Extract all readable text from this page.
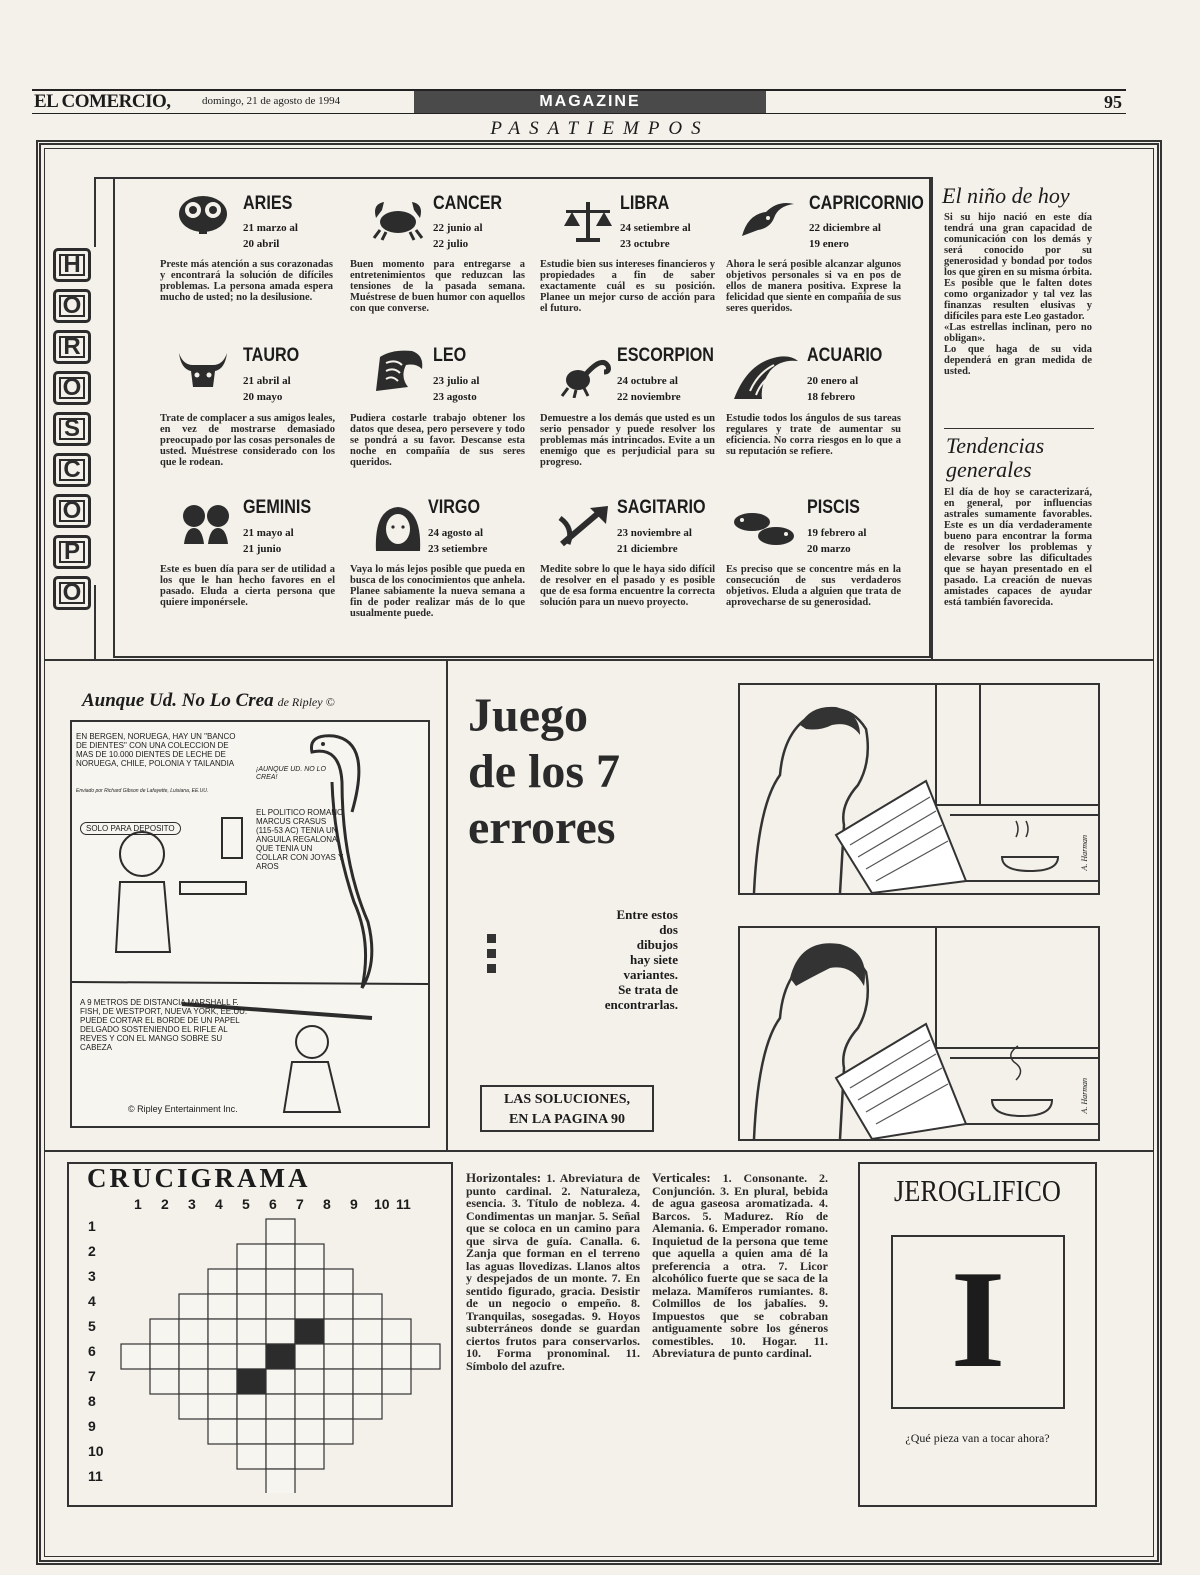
EL COMERCIO,	domingo, 21 de agosto de 1994	MAGAZINE	95
PASATIEMPOS
H
O
R
O
S
C
O
P
O
ARIES
21 marzo al
20 abril
Preste más atención a sus corazonadas y encontrará la solución de difíciles problemas. La persona amada espera mucho de usted; no la desilusione.
CANCER
22 junio al
22 julio
Buen momento para entregarse a entretenimientos que reduzcan las tensiones de la pasada semana. Muéstrese de buen humor con aquellos con que converse.
LIBRA
24 setiembre al
23 octubre
Estudie bien sus intereses financieros y propiedades a fin de saber exactamente cuál es su posición. Planee un mejor curso de acción para el futuro.
CAPRICORNIO
22 diciembre al
19 enero
Ahora le será posible alcanzar algunos objetivos personales si va en pos de ellos de manera positiva. Exprese la felicidad que siente en compañía de sus seres queridos.
TAURO
21 abril al
20 mayo
Trate de complacer a sus amigos leales, en vez de mostrarse demasiado preocupado por las cosas personales de usted. Muéstrese considerado con los que le rodean.
LEO
23 julio al
23 agosto
Pudiera costarle trabajo obtener los datos que desea, pero persevere y todo se pondrá a su favor. Descanse esta noche en compañía de sus seres queridos.
ESCORPION
24 octubre al
22 noviembre
Demuestre a los demás que usted es un serio pensador y puede resolver los problemas más intrincados. Evite a un enemigo que es perjudicial para su progreso.
ACUARIO
20 enero al
18 febrero
Estudie todos los ángulos de sus tareas regulares y trate de aumentar su eficiencia. No corra riesgos en lo que a su reputación se refiere.
GEMINIS
21 mayo al
21 junio
Este es buen día para ser de utilidad a los que le han hecho favores en el pasado. Eluda a cierta persona que quiere imponérsele.
VIRGO
24 agosto al
23 setiembre
Vaya lo más lejos posible que pueda en busca de los conocimientos que anhela. Planee sabiamente la nueva semana a fin de poder realizar más de lo que usualmente puede.
SAGITARIO
23 noviembre al
21 diciembre
Medite sobre lo que le haya sido difícil de resolver en el pasado y es posible que de esa forma encuentre la correcta solución para un nuevo proyecto.
PISCIS
19 febrero al
20 marzo
Es preciso que se concentre más en la consecución de sus verdaderos objetivos. Eluda a alguien que trata de aprovecharse de su generosidad.
El niño de hoy
Si su hijo nació en este día tendrá una gran capacidad de comunicación con los demás y será conocido por su generosidad y bondad por todos los que giren en su misma órbita. Es posible que le falten dotes como organizador y tal vez las finanzas resulten elusivas y difíciles para este Leo gastador.
«Las estrellas inclinan, pero no obligan».
Lo que haga de su vida dependerá en gran medida de usted.
Tendencias
generales
El día de hoy se caracterizará, en general, por influencias astrales sumamente favorables. Este es un día verdaderamente bueno para encontrar la forma de resolver los problemas y elevarse sobre las dificultades que se hayan presentado en el pasado. La creación de nuevas amistades capaces de ayudar está también favorecida.
Aunque Ud. No Lo Crea de Ripley ©
EN BERGEN, NORUEGA, HAY UN "BANCO DE DIENTES" CON UNA COLECCION DE MAS DE 10.000 DIENTES DE LECHE DE NORUEGA, CHILE, POLONIA Y TAILANDIA
Enviado por Richard Gibson de Lafayette, Luisiana, EE.UU.
SOLO PARA DEPOSITO
¡AUNQUE UD. NO LO CREA!
EL POLITICO ROMANO MARCUS CRASUS (115-53 AC) TENIA UN ANGUILA REGALONA QUE TENIA UN COLLAR CON JOYAS Y AROS
A 9 METROS DE DISTANCIA MARSHALL F. FISH, DE WESTPORT, NUEVA YORK, EE.UU. PUEDE CORTAR EL BORDE DE UN PAPEL DELGADO SOSTENIENDO EL RIFLE AL REVES Y CON EL MANGO SOBRE SU CABEZA
© Ripley Entertainment Inc.
Juego
de los 7
errores
Entre estos
dos
dibujos
hay siete
variantes.
Se trata de
encontrarlas.
LAS SOLUCIONES,
EN LA PAGINA 90
A. Harman
A. Harman
CRUCIGRAMA
1 2 3 4 5 6 7 8 9 10 11
1
2
3
4
5
6
7
8
9
10
11
Horizontales: 1. Abreviatura de punto cardinal. 2. Naturaleza, esencia. 3. Título de nobleza. 4. Condimentas un manjar. 5. Señal que se coloca en un camino para que sirva de guía. Canalla. 6. Zanja que forman en el terreno las aguas llovedizas. Llanos altos y despejados de un monte. 7. En sentido figurado, gracia. Desistir de un negocio o empeño. 8. Tranquilas, sosegadas. 9. Hoyos subterráneos donde se guardan ciertos frutos para conservarlos. 10. Forma pronominal. 11. Símbolo del azufre.
Verticales: 1. Consonante. 2. Conjunción. 3. En plural, bebida de agua gaseosa aromatizada. 4. Barcos. 5. Madurez. Río de Alemania. 6. Emperador romano. Inquietud de la persona que teme que aquella a quien ama dé la preferencia a otra. 7. Licor alcohólico fuerte que se saca de la melaza. Mamíferos rumiantes. 8. Colmillos de los jabalíes. 9. Impuestos que se cobraban antiguamente sobre los géneros comestibles. 10. Hogar. 11. Abreviatura de punto cardinal.
JEROGLIFICO
I
¿Qué pieza van a tocar ahora?
